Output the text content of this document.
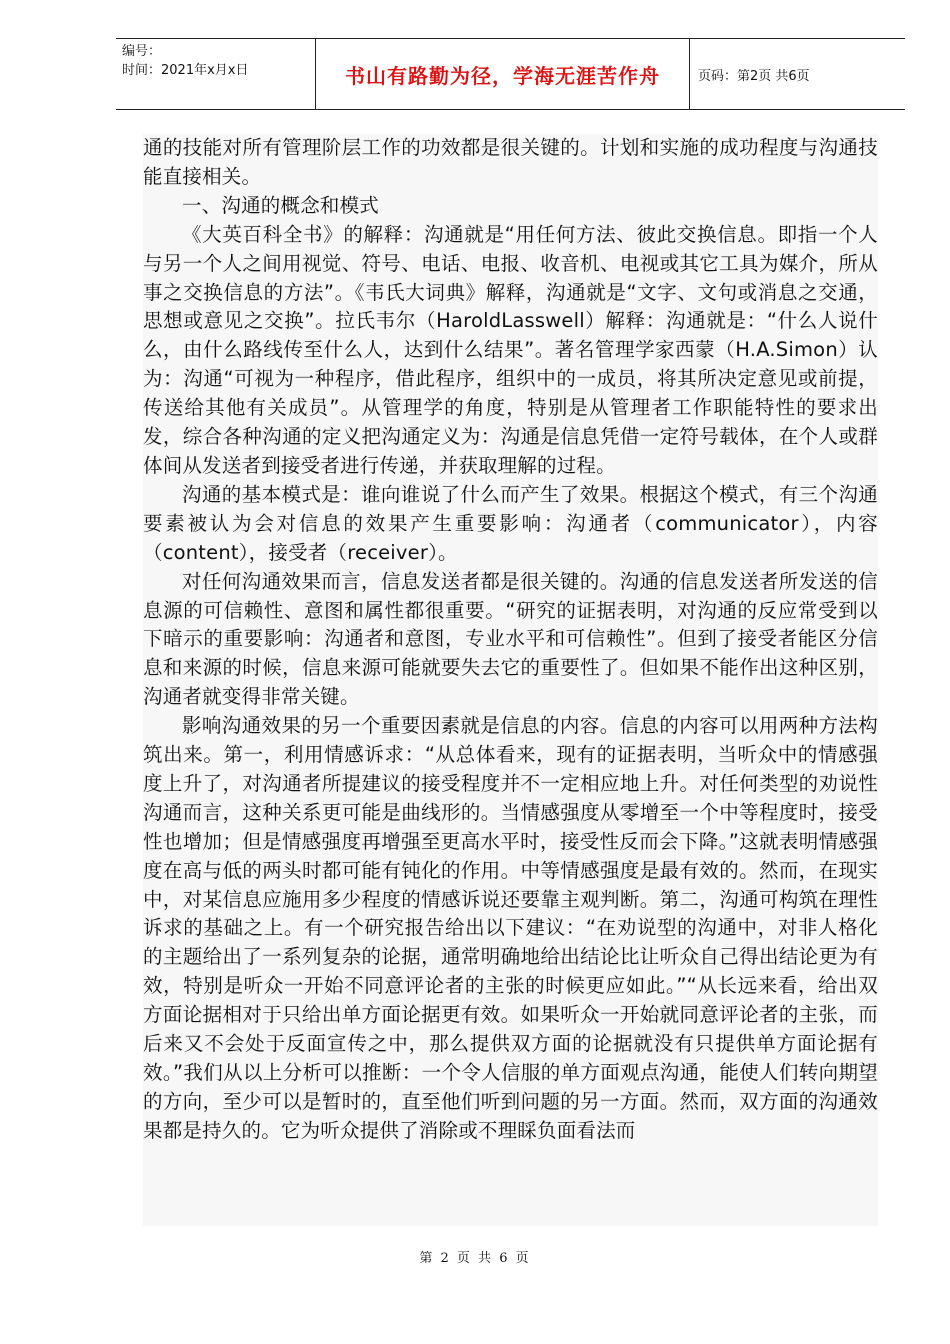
编号：
时间：2021年x月x日	书山有路勤为径，学海无涯苦作舟	页码：第2页 共6页

通的技能对所有管理阶层工作的功效都是很关键的。计划和实施的成功程度与沟通技能直接相关。

一、沟通的概念和模式

《大英百科全书》的解释：沟通就是“用任何方法、彼此交换信息。即指一个人与另一个人之间用视觉、符号、电话、电报、收音机、电视或其它工具为媒介，所从事之交换信息的方法”。《韦氏大词典》解释，沟通就是“文字、文句或消息之交通，思想或意见之交换”。拉氏韦尔（HaroldLasswell）解释：沟通就是：“什么人说什么，由什么路线传至什么人，达到什么结果”。著名管理学家西蒙（H.A.Simon）认为：沟通“可视为一种程序，借此程序，组织中的一成员，将其所决定意见或前提，传送给其他有关成员”。从管理学的角度，特别是从管理者工作职能特性的要求出发，综合各种沟通的定义把沟通定义为：沟通是信息凭借一定符号载体，在个人或群体间从发送者到接受者进行传递，并获取理解的过程。

沟通的基本模式是：谁向谁说了什么而产生了效果。根据这个模式，有三个沟通要素被认为会对信息的效果产生重要影响：沟通者（communicator），内容（content），接受者（receiver）。

对任何沟通效果而言，信息发送者都是很关键的。沟通的信息发送者所发送的信息源的可信赖性、意图和属性都很重要。“研究的证据表明，对沟通的反应常受到以下暗示的重要影响：沟通者和意图，专业水平和可信赖性”。但到了接受者能区分信息和来源的时候，信息来源可能就要失去它的重要性了。但如果不能作出这种区别，沟通者就变得非常关键。

影响沟通效果的另一个重要因素就是信息的内容。信息的内容可以用两种方法构筑出来。第一，利用情感诉求：“从总体看来，现有的证据表明，当听众中的情感强度上升了，对沟通者所提建议的接受程度并不一定相应地上升。对任何类型的劝说性沟通而言，这种关系更可能是曲线形的。当情感强度从零增至一个中等程度时，接受性也增加；但是情感强度再增强至更高水平时，接受性反而会下降。”这就表明情感强度在高与低的两头时都可能有钝化的作用。中等情感强度是最有效的。然而，在现实中，对某信息应施用多少程度的情感诉说还要靠主观判断。第二，沟通可构筑在理性诉求的基础之上。有一个研究报告给出以下建议：“在劝说型的沟通中，对非人格化的主题给出了一系列复杂的论据，通常明确地给出结论比让听众自己得出结论更为有效，特别是听众一开始不同意评论者的主张的时候更应如此。”“从长远来看，给出双方面论据相对于只给出单方面论据更有效。如果听众一开始就同意评论者的主张，而后来又不会处于反面宣传之中，那么提供双方面的论据就没有只提供单方面论据有效。”我们从以上分析可以推断：一个令人信服的单方面观点沟通，能使人们转向期望的方向，至少可以是暂时的，直至他们听到问题的另一方面。然而，双方面的沟通效果都是持久的。它为听众提供了消除或不理睬负面看法而

第 2 页 共 6 页
